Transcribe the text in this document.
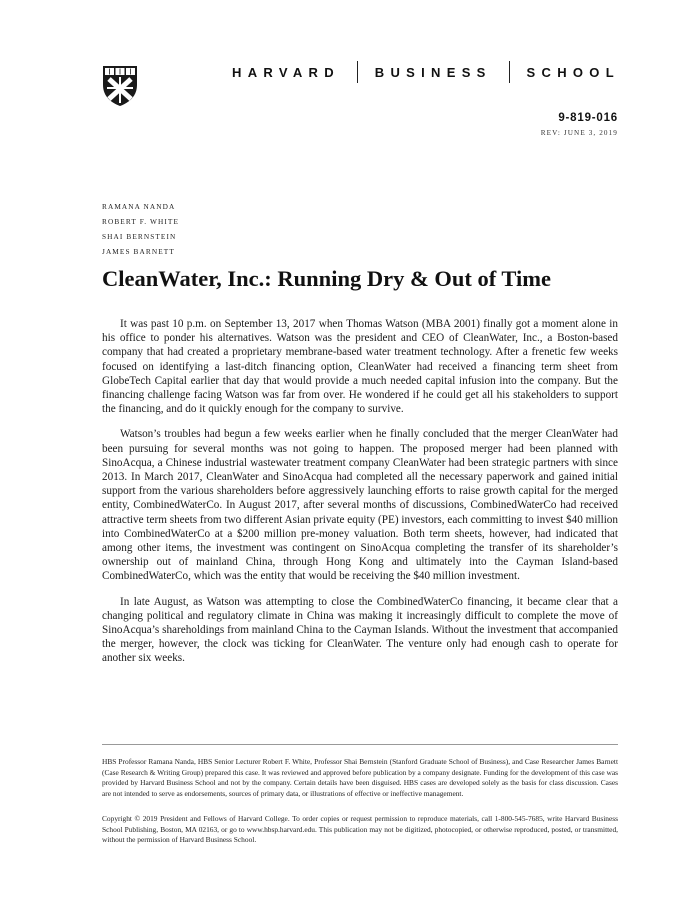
HARVARD	BUSINESS	SCHOOL
9-819-016
REV: JUNE 3, 2019
RAMANA NANDA
ROBERT F. WHITE
SHAI BERNSTEIN
JAMES BARNETT
CleanWater, Inc.: Running Dry & Out of Time

It was past 10 p.m. on September 13, 2017 when Thomas Watson (MBA 2001) finally got a moment alone in his office to ponder his alternatives. Watson was the president and CEO of CleanWater, Inc., a Boston-based company that had created a proprietary membrane-based water treatment technology. After a frenetic few weeks focused on identifying a last-ditch financing option, CleanWater had received a financing term sheet from GlobeTech Capital earlier that day that would provide a much needed capital infusion into the company. But the financing challenge facing Watson was far from over. He wondered if he could get all his stakeholders to support the financing, and do it quickly enough for the company to survive.

Watson’s troubles had begun a few weeks earlier when he finally concluded that the merger CleanWater had been pursuing for several months was not going to happen. The proposed merger had been planned with SinoAcqua, a Chinese industrial wastewater treatment company CleanWater had been strategic partners with since 2013. In March 2017, CleanWater and SinoAcqua had completed all the necessary paperwork and gained initial support from the various shareholders before aggressively launching efforts to raise growth capital for the merged entity, CombinedWaterCo. In August 2017, after several months of discussions, CombinedWaterCo had received attractive term sheets from two different Asian private equity (PE) investors, each committing to invest $40 million into CombinedWaterCo at a $200 million pre-money valuation. Both term sheets, however, had indicated that among other items, the investment was contingent on SinoAcqua completing the transfer of its shareholder’s ownership out of mainland China, through Hong Kong and ultimately into the Cayman Island-based CombinedWaterCo, which was the entity that would be receiving the $40 million investment.

In late August, as Watson was attempting to close the CombinedWaterCo financing, it became clear that a changing political and regulatory climate in China was making it increasingly difficult to complete the move of SinoAcqua’s shareholdings from mainland China to the Cayman Islands. Without the investment that accompanied the merger, however, the clock was ticking for CleanWater. The venture only had enough cash to operate for another six weeks.

HBS Professor Ramana Nanda, HBS Senior Lecturer Robert F. White, Professor Shai Bernstein (Stanford Graduate School of Business), and Case Researcher James Barnett (Case Research & Writing Group) prepared this case. It was reviewed and approved before publication by a company designate. Funding for the development of this case was provided by Harvard Business School and not by the company. Certain details have been disguised. HBS cases are developed solely as the basis for class discussion. Cases are not intended to serve as endorsements, sources of primary data, or illustrations of effective or ineffective management.

Copyright © 2019 President and Fellows of Harvard College. To order copies or request permission to reproduce materials, call 1-800-545-7685, write Harvard Business School Publishing, Boston, MA 02163, or go to www.hbsp.harvard.edu. This publication may not be digitized, photocopied, or otherwise reproduced, posted, or transmitted, without the permission of Harvard Business School.
